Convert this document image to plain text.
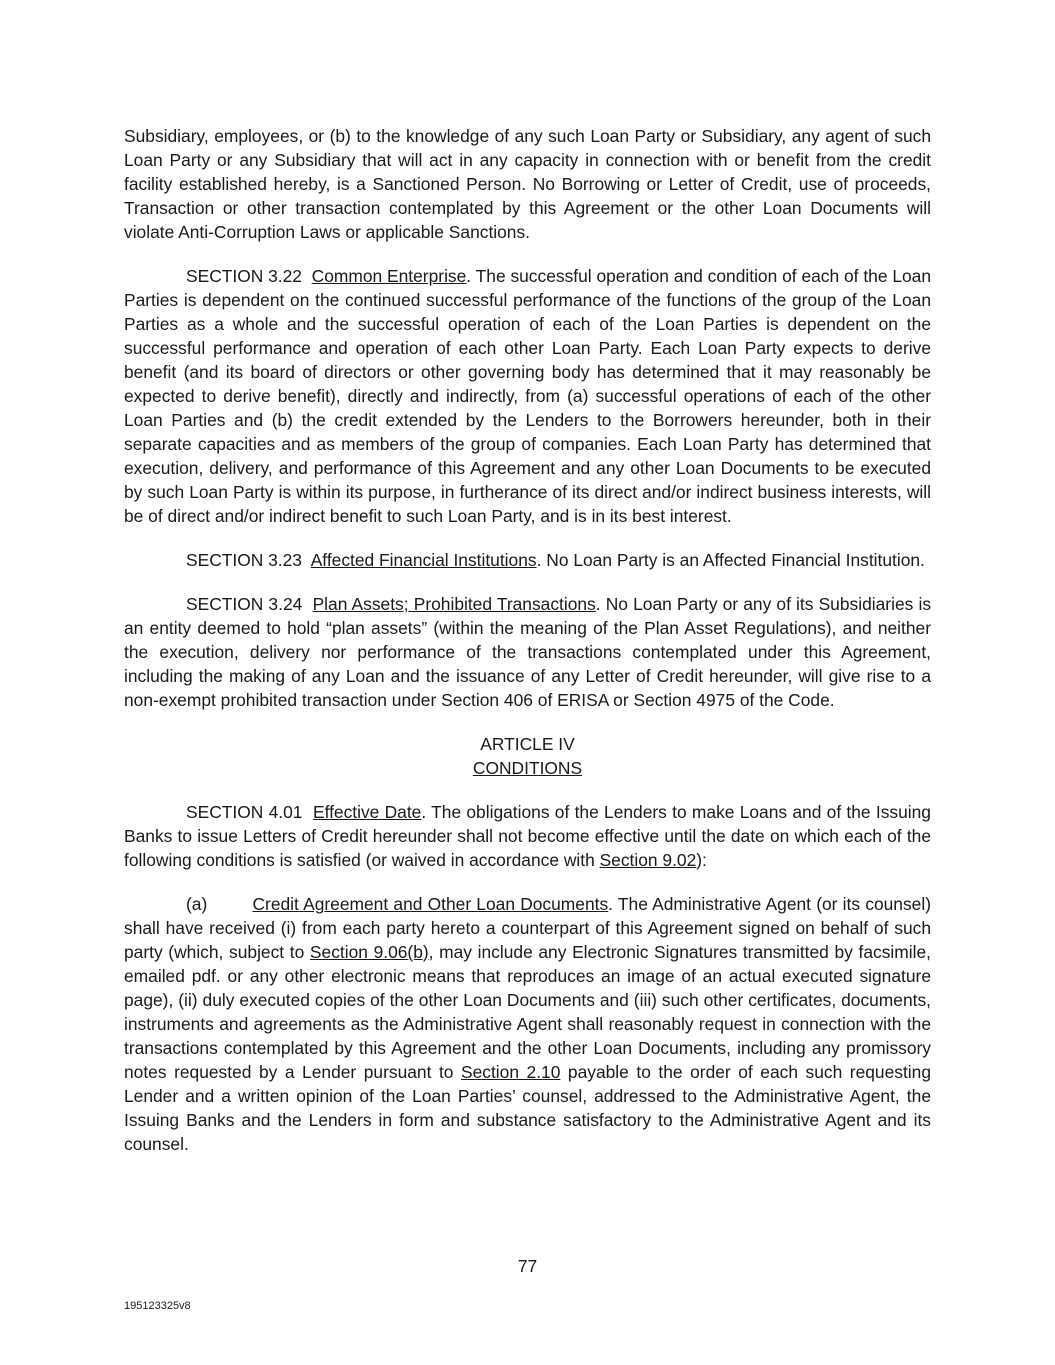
Subsidiary, employees, or (b) to the knowledge of any such Loan Party or Subsidiary, any agent of such Loan Party or any Subsidiary that will act in any capacity in connection with or benefit from the credit facility established hereby, is a Sanctioned Person. No Borrowing or Letter of Credit, use of proceeds, Transaction or other transaction contemplated by this Agreement or the other Loan Documents will violate Anti-Corruption Laws or applicable Sanctions.

SECTION 3.22 Common Enterprise. The successful operation and condition of each of the Loan Parties is dependent on the continued successful performance of the functions of the group of the Loan Parties as a whole and the successful operation of each of the Loan Parties is dependent on the successful performance and operation of each other Loan Party. Each Loan Party expects to derive benefit (and its board of directors or other governing body has determined that it may reasonably be expected to derive benefit), directly and indirectly, from (a) successful operations of each of the other Loan Parties and (b) the credit extended by the Lenders to the Borrowers hereunder, both in their separate capacities and as members of the group of companies. Each Loan Party has determined that execution, delivery, and performance of this Agreement and any other Loan Documents to be executed by such Loan Party is within its purpose, in furtherance of its direct and/or indirect business interests, will be of direct and/or indirect benefit to such Loan Party, and is in its best interest.

SECTION 3.23  Affected Financial Institutions. No Loan Party is an Affected Financial Institution.

SECTION 3.24 Plan Assets; Prohibited Transactions. No Loan Party or any of its Subsidiaries is an entity deemed to hold “plan assets” (within the meaning of the Plan Asset Regulations), and neither the execution, delivery nor performance of the transactions contemplated under this Agreement, including the making of any Loan and the issuance of any Letter of Credit hereunder, will give rise to a non-exempt prohibited transaction under Section 406 of ERISA or Section 4975 of the Code.

ARTICLE IV
CONDITIONS

SECTION 4.01 Effective Date. The obligations of the Lenders to make Loans and of the Issuing Banks to issue Letters of Credit hereunder shall not become effective until the date on which each of the following conditions is satisfied (or waived in accordance with Section 9.02):

(a)	Credit Agreement and Other Loan Documents. The Administrative Agent (or its counsel) shall have received (i) from each party hereto a counterpart of this Agreement signed on behalf of such party (which, subject to Section 9.06(b), may include any Electronic Signatures transmitted by facsimile, emailed pdf. or any other electronic means that reproduces an image of an actual executed signature page), (ii) duly executed copies of the other Loan Documents and (iii) such other certificates, documents, instruments and agreements as the Administrative Agent shall reasonably request in connection with the transactions contemplated by this Agreement and the other Loan Documents, including any promissory notes requested by a Lender pursuant to Section 2.10 payable to the order of each such requesting Lender and a written opinion of the Loan Parties’ counsel, addressed to the Administrative Agent, the Issuing Banks and the Lenders in form and substance satisfactory to the Administrative Agent and its counsel.

77
195123325v8
